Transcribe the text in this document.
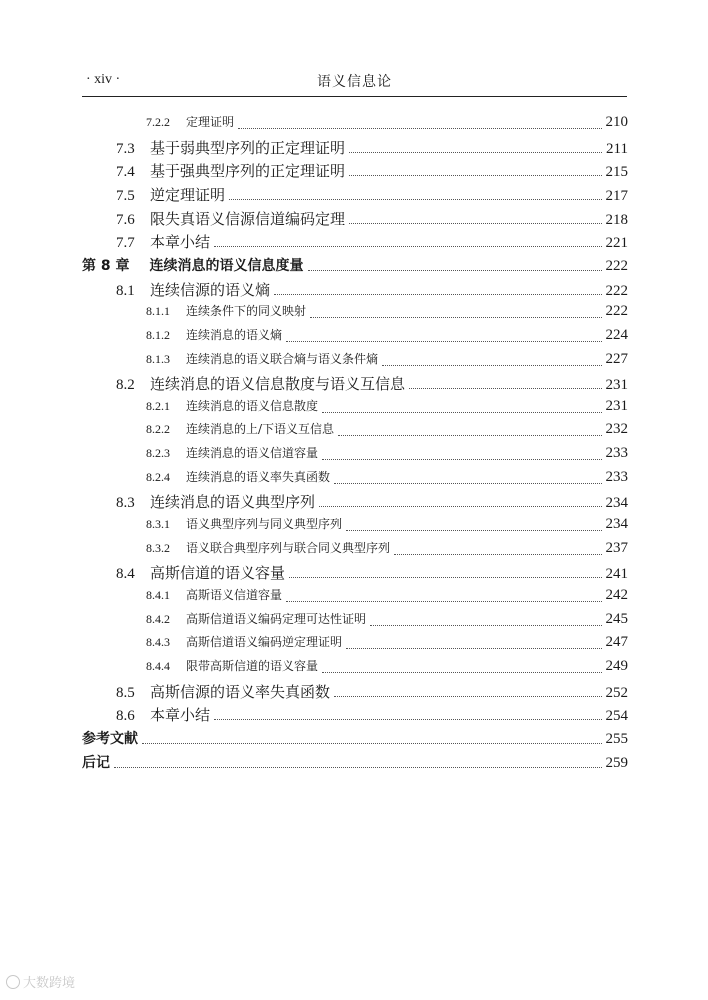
· xiv ·	语义信息论
7.2.2	定理证明	210
7.3	基于弱典型序列的正定理证明	211
7.4	基于强典型序列的正定理证明	215
7.5	逆定理证明	217
7.6	限失真语义信源信道编码定理	218
7.7	本章小结	221
第 8 章 连续消息的语义信息度量	222
8.1	连续信源的语义熵	222
8.1.1	连续条件下的同义映射	222
8.1.2	连续消息的语义熵	224
8.1.3	连续消息的语义联合熵与语义条件熵	227
8.2	连续消息的语义信息散度与语义互信息	231
8.2.1	连续消息的语义信息散度	231
8.2.2	连续消息的上/下语义互信息	232
8.2.3	连续消息的语义信道容量	233
8.2.4	连续消息的语义率失真函数	233
8.3	连续消息的语义典型序列	234
8.3.1	语义典型序列与同义典型序列	234
8.3.2	语义联合典型序列与联合同义典型序列	237
8.4	高斯信道的语义容量	241
8.4.1	高斯语义信道容量	242
8.4.2	高斯信道语义编码定理可达性证明	245
8.4.3	高斯信道语义编码逆定理证明	247
8.4.4	限带高斯信道的语义容量	249
8.5	高斯信源的语义率失真函数	252
8.6	本章小结	254
参考文献	255
后记	259
大数跨境
